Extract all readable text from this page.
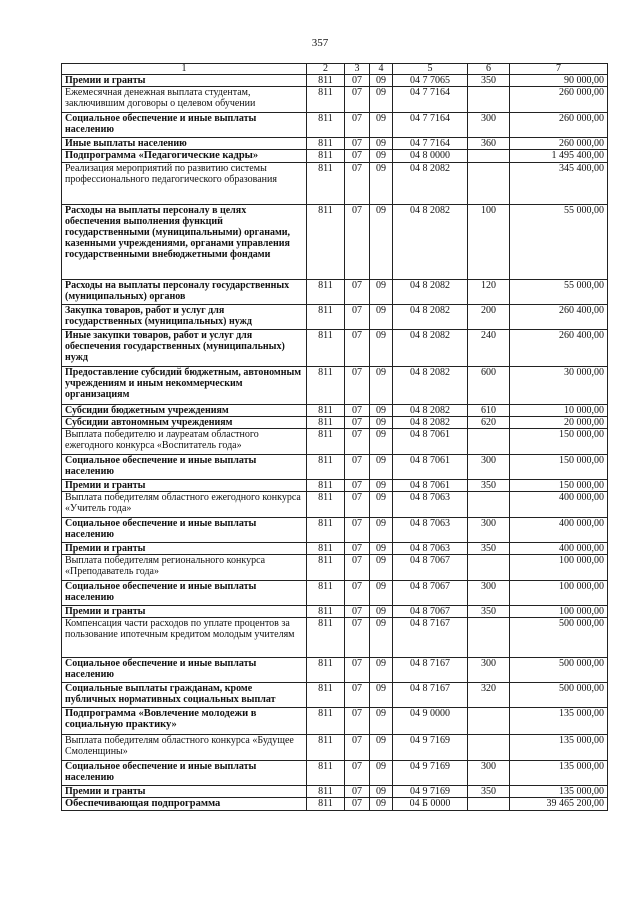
357
1	2	3	4	5	6	7
Премии и гранты	811	07	09	04 7 7065	350	90 000,00
Ежемесячная денежная выплата студентам, заключившим договоры о целевом обучении	811	07	09	04 7 7164		260 000,00
Социальное обеспечение и иные выплаты населению	811	07	09	04 7 7164	300	260 000,00
Иные выплаты населению	811	07	09	04 7 7164	360	260 000,00
Подпрограмма «Педагогические кадры»	811	07	09	04 8 0000		1 495 400,00
Реализация мероприятий по развитию системы профессионального педагогического образования	811	07	09	04 8 2082		345 400,00
Расходы на выплаты персоналу в целях обеспечения выполнения функций государственными (муниципальными) органами, казенными учреждениями, органами управления государственными внебюджетными фондами	811	07	09	04 8 2082	100	55 000,00
Расходы на выплаты персоналу государственных (муниципальных) органов	811	07	09	04 8 2082	120	55 000,00
Закупка товаров, работ и услуг для государственных (муниципальных) нужд	811	07	09	04 8 2082	200	260 400,00
Иные закупки товаров, работ и услуг для обеспечения государственных (муниципальных) нужд	811	07	09	04 8 2082	240	260 400,00
Предоставление субсидий бюджетным, автономным учреждениям и иным некоммерческим организациям	811	07	09	04 8 2082	600	30 000,00
Субсидии бюджетным учреждениям	811	07	09	04 8 2082	610	10 000,00
Субсидии автономным учреждениям	811	07	09	04 8 2082	620	20 000,00
Выплата победителю и лауреатам областного ежегодного конкурса «Воспитатель года»	811	07	09	04 8 7061		150 000,00
Социальное обеспечение и иные выплаты населению	811	07	09	04 8 7061	300	150 000,00
Премии и гранты	811	07	09	04 8 7061	350	150 000,00
Выплата победителям областного ежегодного конкурса «Учитель года»	811	07	09	04 8 7063		400 000,00
Социальное обеспечение и иные выплаты населению	811	07	09	04 8 7063	300	400 000,00
Премии и гранты	811	07	09	04 8 7063	350	400 000,00
Выплата победителям регионального конкурса «Преподаватель года»	811	07	09	04 8 7067		100 000,00
Социальное обеспечение и иные выплаты населению	811	07	09	04 8 7067	300	100 000,00
Премии и гранты	811	07	09	04 8 7067	350	100 000,00
Компенсация части расходов по уплате процентов за пользование ипотечным кредитом молодым учителям	811	07	09	04 8 7167		500 000,00
Социальное обеспечение и иные выплаты населению	811	07	09	04 8 7167	300	500 000,00
Социальные выплаты гражданам, кроме публичных нормативных социальных выплат	811	07	09	04 8 7167	320	500 000,00
Подпрограмма «Вовлечение молодежи в социальную практику»	811	07	09	04 9 0000		135 000,00
Выплата победителям областного конкурса «Будущее Смоленщины»	811	07	09	04 9 7169		135 000,00
Социальное обеспечение и иные выплаты населению	811	07	09	04 9 7169	300	135 000,00
Премии и гранты	811	07	09	04 9 7169	350	135 000,00
Обеспечивающая подпрограмма	811	07	09	04 Б 0000		39 465 200,00
